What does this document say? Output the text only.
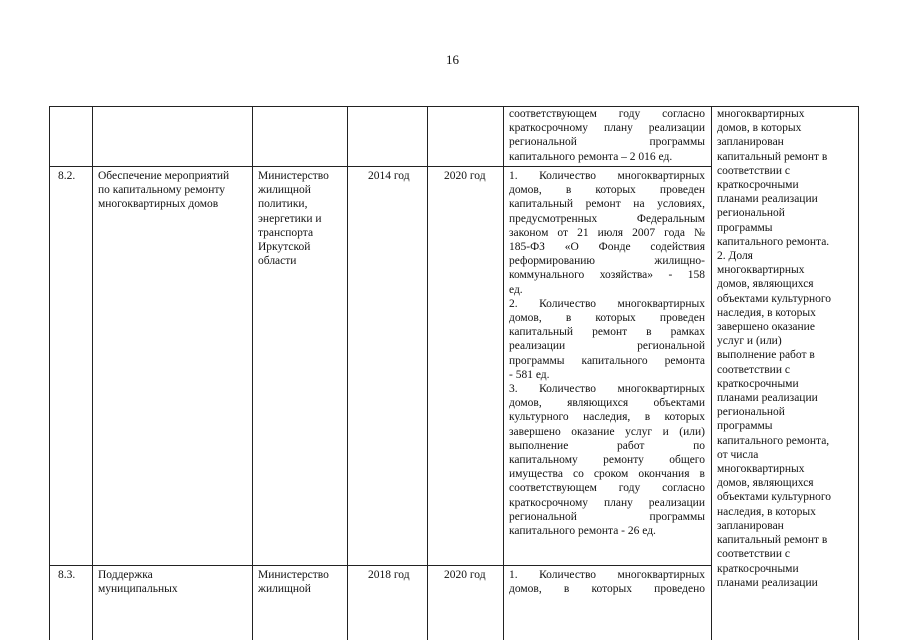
16
соответствующем году согласно
краткосрочному плану реализации
региональной программы
капитального ремонта – 2 016 ед.
8.2. Обеспечение мероприятий
по капитальному ремонту
многоквартирных домов
Министерство
жилищной
политики,
энергетики и
транспорта
Иркутской
области
2014 год	2020 год 1. Количество многоквартирных
домов, в которых проведен
капитальный ремонт на условиях,
предусмотренных Федеральным
законом от 21 июля 2007 года №
185-ФЗ «О Фонде содействия
реформированию жилищно-
коммунального хозяйства» - 158
ед.
2. Количество многоквартирных
домов, в которых проведен
капитальный ремонт в рамках
реализации региональной
программы капитального ремонта
- 581 ед.
3. Количество многоквартирных
домов, являющихся объектами
культурного наследия, в которых
завершено оказание услуг и (или)
выполнение работ по
капитальному ремонту общего
имущества со сроком окончания в
соответствующем году согласно
краткосрочному плану реализации
региональной программы
капитального ремонта - 26 ед.
8.3. Поддержка
муниципальных
Министерство
жилищной
2018 год	2020 год 1. Количество многоквартирных
домов, в которых проведено
многоквартирных
домов, в которых
запланирован
капитальный ремонт в
соответствии с
краткосрочными
планами реализации
региональной
программы
капитального ремонта.
2. Доля
многоквартирных
домов, являющихся
объектами культурного
наследия, в которых
завершено оказание
услуг и (или)
выполнение работ в
соответствии с
краткосрочными
планами реализации
региональной
программы
капитального ремонта,
от числа
многоквартирных
домов, являющихся
объектами культурного
наследия, в которых
запланирован
капитальный ремонт в
соответствии с
краткосрочными
планами реализации
